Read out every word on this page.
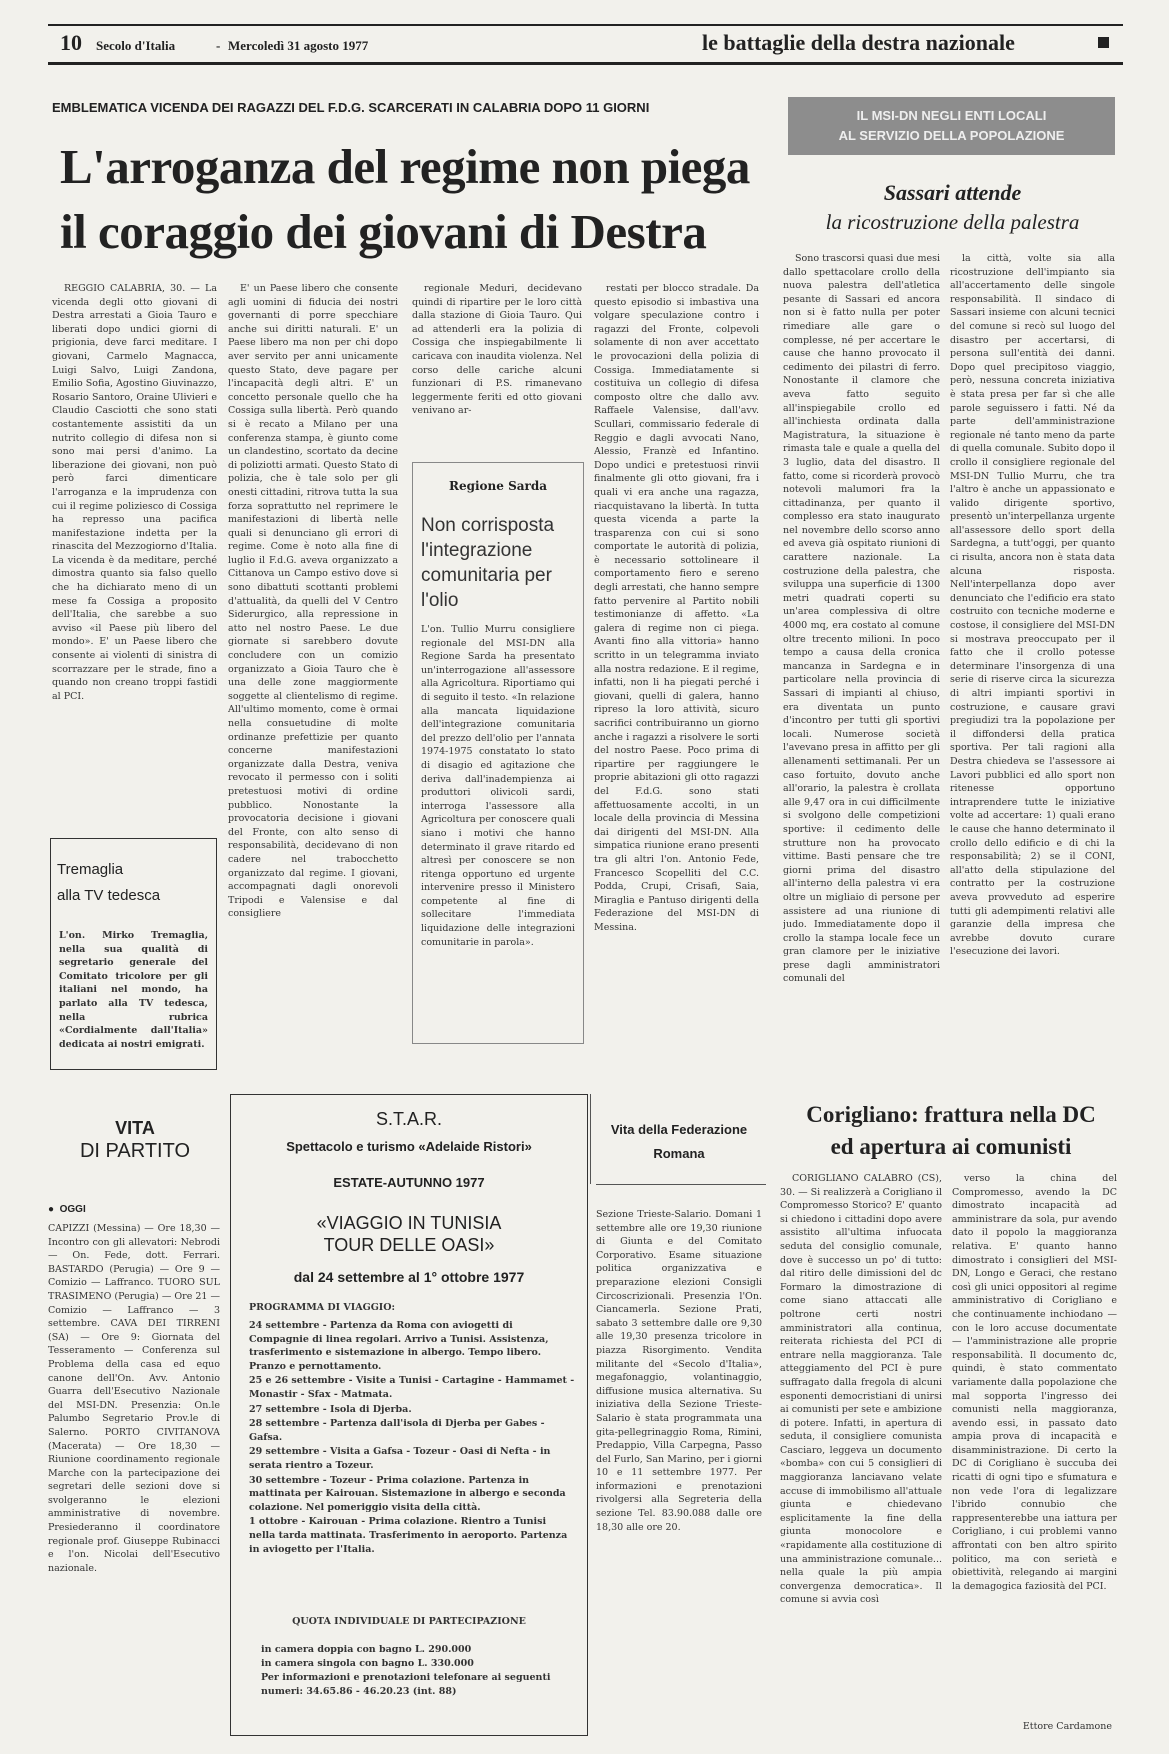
10 Secolo d'Italia	- Mercoledì 31 agosto 1977	le battaglie della destra nazionale
EMBLEMATICA VICENDA DEI RAGAZZI DEL F.D.G. SCARCERATI IN CALABRIA DOPO 11 GIORNI
L'arroganza del regime non piega
il coraggio dei giovani di Destra

REGGIO CALABRIA, 30. — La vicenda degli otto giovani di Destra arrestati a Gioia Tauro e liberati dopo undici giorni di prigionia, deve farci meditare. I giovani, Carmelo Magnacca, Luigi Salvo, Luigi Zandona, Emilio Sofia, Agostino Giuvinazzo, Rosario Santoro, Oraine Ulivieri e Claudio Casciotti che sono stati costantemente assistiti da un nutrito collegio di difesa non si sono mai persi d'animo. La liberazione dei giovani, non può però farci dimenticare l'arroganza e la imprudenza con cui il regime poliziesco di Cossiga ha represso una pacifica manifestazione indetta per la rinascita del Mezzogiorno d'Italia. La vicenda è da meditare, perché dimostra quanto sia falso quello che ha dichiarato meno di un mese fa Cossiga a proposito dell'Italia, che sarebbe a suo avviso «il Paese più libero del mondo». E' un Paese libero che consente ai violenti di sinistra di scorrazzare per le strade, fino a quando non creano troppi fastidi al PCI.

E' un Paese libero che consente agli uomini di fiducia dei nostri governanti di porre specchiare anche sui diritti naturali. E' un Paese libero ma non per chi dopo aver servito per anni unicamente questo Stato, deve pagare per l'incapacità degli altri. E' un concetto personale quello che ha Cossiga sulla libertà. Però quando si è recato a Milano per una conferenza stampa, è giunto come un clandestino, scortato da decine di poliziotti armati. Questo Stato di polizia, che è tale solo per gli onesti cittadini, ritrova tutta la sua forza soprattutto nel reprimere le manifestazioni di libertà nelle quali si denunciano gli errori di regime. Come è noto alla fine di luglio il F.d.G. aveva organizzato a Cittanova un Campo estivo dove si sono dibattuti scottanti problemi d'attualità, da quelli del V Centro Siderurgico, alla repressione in atto nel nostro Paese. Le due giornate si sarebbero dovute concludere con un comizio organizzato a Gioia Tauro che è una delle zone maggiormente soggette al clientelismo di regime. All'ultimo momento, come è ormai nella consuetudine di molte ordinanze prefettizie per quanto concerne manifestazioni organizzate dalla Destra, veniva revocato il permesso con i soliti pretestuosi motivi di ordine pubblico. Nonostante la provocatoria decisione i giovani del Fronte, con alto senso di responsabilità, decidevano di non cadere nel trabocchetto organizzato dal regime. I giovani, accompagnati dagli onorevoli Tripodi e Valensise e dal consigliere

regionale Meduri, decidevano quindi di ripartire per le loro città dalla stazione di Gioia Tauro. Qui ad attenderli era la polizia di Cossiga che inspiegabilmente li caricava con inaudita violenza. Nel corso delle cariche alcuni funzionari di P.S. rimanevano leggermente feriti ed otto giovani venivano ar-

restati per blocco stradale. Da questo episodio si imbastiva una volgare speculazione contro i ragazzi del Fronte, colpevoli solamente di non aver accettato le provocazioni della polizia di Cossiga. Immediatamente si costituiva un collegio di difesa composto oltre che dallo avv. Raffaele Valensise, dall'avv. Scullari, commissario federale di Reggio e dagli avvocati Nano, Alessio, Franzè ed Infantino. Dopo undici e pretestuosi rinvii finalmente gli otto giovani, fra i quali vi era anche una ragazza, riacquistavano la libertà. In tutta questa vicenda a parte la trasparenza con cui si sono comportate le autorità di polizia, è necessario sottolineare il comportamento fiero e sereno degli arrestati, che hanno sempre fatto pervenire al Partito nobili testimonianze di affetto. «La galera di regime non ci piega. Avanti fino alla vittoria» hanno scritto in un telegramma inviato alla nostra redazione. E il regime, infatti, non li ha piegati perché i giovani, quelli di galera, hanno ripreso la loro attività, sicuro sacrifici contribuiranno un giorno anche i ragazzi a risolvere le sorti del nostro Paese. Poco prima di ripartire per raggiungere le proprie abitazioni gli otto ragazzi del F.d.G. sono stati affettuosamente accolti, in un locale della provincia di Messina dai dirigenti del MSI-DN. Alla simpatica riunione erano presenti tra gli altri l'on. Antonio Fede, Francesco Scopelliti del C.C. Podda, Crupi, Crisafi, Saia, Miraglia e Pantuso dirigenti della Federazione del MSI-DN di Messina.

Regione Sarda
Non corrisposta l'integrazione comunitaria per l'olio
L'on. Tullio Murru consigliere regionale del MSI-DN alla Regione Sarda ha presentato un'interrogazione all'assessore alla Agricoltura. Riportiamo qui di seguito il testo. «In relazione alla mancata liquidazione dell'integrazione comunitaria del prezzo dell'olio per l'annata 1974-1975 constatato lo stato di disagio ed agitazione che deriva dall'inadempienza ai produttori olivicoli sardi, interroga l'assessore alla Agricoltura per conoscere quali siano i motivi che hanno determinato il grave ritardo ed altresì per conoscere se non ritenga opportuno ed urgente intervenire presso il Ministero competente al fine di sollecitare l'immediata liquidazione delle integrazioni comunitarie in parola».
Tremaglia
alla TV tedesca
L'on. Mirko Tremaglia, nella sua qualità di segretario generale del Comitato tricolore per gli italiani nel mondo, ha parlato alla TV tedesca, nella rubrica «Cordialmente dall'Italia» dedicata ai nostri emigrati.
IL MSI-DN NEGLI ENTI LOCALI
AL SERVIZIO DELLA POPOLAZIONE
Sassari attende
la ricostruzione della palestra

Sono trascorsi quasi due mesi dallo spettacolare crollo della nuova palestra dell'atletica pesante di Sassari ed ancora non si è fatto nulla per poter rimediare alle gare o complesse, né per accertare le cause che hanno provocato il cedimento dei pilastri di ferro. Nonostante il clamore che aveva fatto seguito all'inspiegabile crollo ed all'inchiesta ordinata dalla Magistratura, la situazione è rimasta tale e quale a quella del 3 luglio, data del disastro. Il fatto, come si ricorderà provocò notevoli malumori fra la cittadinanza, per quanto il complesso era stato inaugurato nel novembre dello scorso anno ed aveva già ospitato riunioni di carattere nazionale. La costruzione della palestra, che sviluppa una superficie di 1300 metri quadrati coperti su un'area complessiva di oltre 4000 mq, era costato al comune oltre trecento milioni. In poco tempo a causa della cronica mancanza in Sardegna e in particolare nella provincia di Sassari di impianti al chiuso, era diventata un punto d'incontro per tutti gli sportivi locali. Numerose società l'avevano presa in affitto per gli allenamenti settimanali. Per un caso fortuito, dovuto anche all'orario, la palestra è crollata alle 9,47 ora in cui difficilmente si svolgono delle competizioni sportive: il cedimento delle strutture non ha provocato vittime. Basti pensare che tre giorni prima del disastro all'interno della palestra vi era oltre un migliaio di persone per assistere ad una riunione di judo. Immediatamente dopo il crollo la stampa locale fece un gran clamore per le iniziative prese dagli amministratori comunali del

la città, volte sia alla ricostruzione dell'impianto sia all'accertamento delle singole responsabilità. Il sindaco di Sassari insieme con alcuni tecnici del comune si recò sul luogo del disastro per accertarsi, di persona sull'entità dei danni. Dopo quel precipitoso viaggio, però, nessuna concreta iniziativa è stata presa per far sì che alle parole seguissero i fatti. Né da parte dell'amministrazione regionale né tanto meno da parte di quella comunale. Subito dopo il crollo il consigliere regionale del MSI-DN Tullio Murru, che tra l'altro è anche un appassionato e valido dirigente sportivo, presentò un'interpellanza urgente all'assessore dello sport della Sardegna, a tutt'oggi, per quanto ci risulta, ancora non è stata data alcuna risposta. Nell'interpellanza dopo aver denunciato che l'edificio era stato costruito con tecniche moderne e costose, il consigliere del MSI-DN si mostrava preoccupato per il fatto che il crollo potesse determinare l'insorgenza di una serie di riserve circa la sicurezza di altri impianti sportivi in costruzione, e causare gravi pregiudizi tra la popolazione per il diffondersi della pratica sportiva. Per tali ragioni alla Destra chiedeva se l'assessore ai Lavori pubblici ed allo sport non ritenesse opportuno intraprendere tutte le iniziative volte ad accertare: 1) quali erano le cause che hanno determinato il crollo dello edificio e di chi la responsabilità; 2) se il CONI, all'atto della stipulazione del contratto per la costruzione aveva provveduto ad esperire tutti gli adempimenti relativi alle garanzie della impresa che avrebbe dovuto curare l'esecuzione dei lavori.

VITA
DI PARTITO
● OGGI
CAPIZZI (Messina) — Ore 18,30 — Incontro con gli allevatori: Nebrodi — On. Fede, dott. Ferrari. BASTARDO (Perugia) — Ore 9 — Comizio — Laffranco. TUORO SUL TRASIMENO (Perugia) — Ore 21 — Comizio — Laffranco — 3 settembre. CAVA DEI TIRRENI (SA) — Ore 9: Giornata del Tesseramento — Conferenza sul Problema della casa ed equo canone dell'On. Avv. Antonio Guarra dell'Esecutivo Nazionale del MSI-DN. Presenzia: On.le Palumbo Segretario Prov.le di Salerno. PORTO CIVITANOVA (Macerata) — Ore 18,30 — Riunione coordinamento regionale Marche con la partecipazione dei segretari delle sezioni dove si svolgeranno le elezioni amministrative di novembre. Presiederanno il coordinatore regionale prof. Giuseppe Rubinacci e l'on. Nicolai dell'Esecutivo nazionale.
S.T.A.R.
Spettacolo e turismo «Adelaide Ristori»
ESTATE-AUTUNNO 1977
«VIAGGIO IN TUNISIA
TOUR DELLE OASI»
dal 24 settembre al 1° ottobre 1977
PROGRAMMA DI VIAGGIO:

24 settembre - Partenza da Roma con aviogetti di Compagnie di linea regolari. Arrivo a Tunisi. Assistenza, trasferimento e sistemazione in albergo. Tempo libero. Pranzo e pernottamento.

25 e 26 settembre - Visite a Tunisi - Cartagine - Hammamet - Monastir - Sfax - Matmata.

27 settembre - Isola di Djerba.

28 settembre - Partenza dall'isola di Djerba per Gabes - Gafsa.

29 settembre - Visita a Gafsa - Tozeur - Oasi di Nefta - in serata rientro a Tozeur.

30 settembre - Tozeur - Prima colazione. Partenza in mattinata per Kairouan. Sistemazione in albergo e seconda colazione. Nel pomeriggio visita della città.

1 ottobre - Kairouan - Prima colazione. Rientro a Tunisi nella tarda mattinata. Trasferimento in aeroporto. Partenza in aviogetto per l'Italia.

QUOTA INDIVIDUALE DI PARTECIPAZIONE
in camera doppia con bagno L. 290.000
in camera singola con bagno L. 330.000
Per informazioni e prenotazioni telefonare ai seguenti numeri: 34.65.86 - 46.20.23 (int. 88)
Vita della Federazione
Romana
Sezione Trieste-Salario. Domani 1 settembre alle ore 19,30 riunione di Giunta e del Comitato Corporativo. Esame situazione politica organizzativa e preparazione elezioni Consigli Circoscrizionali. Presenzia l'On. Ciancamerla. Sezione Prati, sabato 3 settembre dalle ore 9,30 alle 19,30 presenza tricolore in piazza Risorgimento. Vendita militante del «Secolo d'Italia», megafonaggio, volantinaggio, diffusione musica alternativa. Su iniziativa della Sezione Trieste-Salario è stata programmata una gita-pellegrinaggio Roma, Rimini, Predappio, Villa Carpegna, Passo del Furlo, San Marino, per i giorni 10 e 11 settembre 1977. Per informazioni e prenotazioni rivolgersi alla Segreteria della sezione Tel. 83.90.088 dalle ore 18,30 alle ore 20.
Corigliano: frattura nella DC
ed apertura ai comunisti

CORIGLIANO CALABRO (CS), 30. — Si realizzerà a Corigliano il Compromesso Storico? E' quanto si chiedono i cittadini dopo avere assistito all'ultima infuocata seduta del consiglio comunale, dove è successo un po' di tutto: dal ritiro delle dimissioni del dc Formaro la dimostrazione di come siano attaccati alle poltrone certi nostri amministratori alla continua, reiterata richiesta del PCI di entrare nella maggioranza. Tale atteggiamento del PCI è pure suffragato dalla fregola di alcuni esponenti democristiani di unirsi ai comunisti per sete e ambizione di potere. Infatti, in apertura di seduta, il consigliere comunista Casciaro, leggeva un documento «bomba» con cui 5 consiglieri di maggioranza lanciavano velate accuse di immobilismo all'attuale giunta e chiedevano esplicitamente la fine della giunta monocolore e «rapidamente alla costituzione di una amministrazione comunale... nella quale la più ampia convergenza democratica». Il comune si avvia così

verso la china del Compromesso, avendo la DC dimostrato incapacità ad amministrare da sola, pur avendo dato il popolo la maggioranza relativa. E' quanto hanno dimostrato i consiglieri del MSI-DN, Longo e Geraci, che restano così gli unici oppositori al regime amministrativo di Corigliano e che continuamente inchiodano — con le loro accuse documentate — l'amministrazione alle proprie responsabilità. Il documento dc, quindi, è stato commentato variamente dalla popolazione che mal sopporta l'ingresso dei comunisti nella maggioranza, avendo essi, in passato dato ampia prova di incapacità e disamministrazione. Di certo la DC di Corigliano è succuba dei ricatti di ogni tipo e sfumatura e non vede l'ora di legalizzare l'ibrido connubio che rappresenterebbe una iattura per Corigliano, i cui problemi vanno affrontati con ben altro spirito politico, ma con serietà e obiettività, relegando ai margini la demagogica faziosità del PCI.

Ettore Cardamone
